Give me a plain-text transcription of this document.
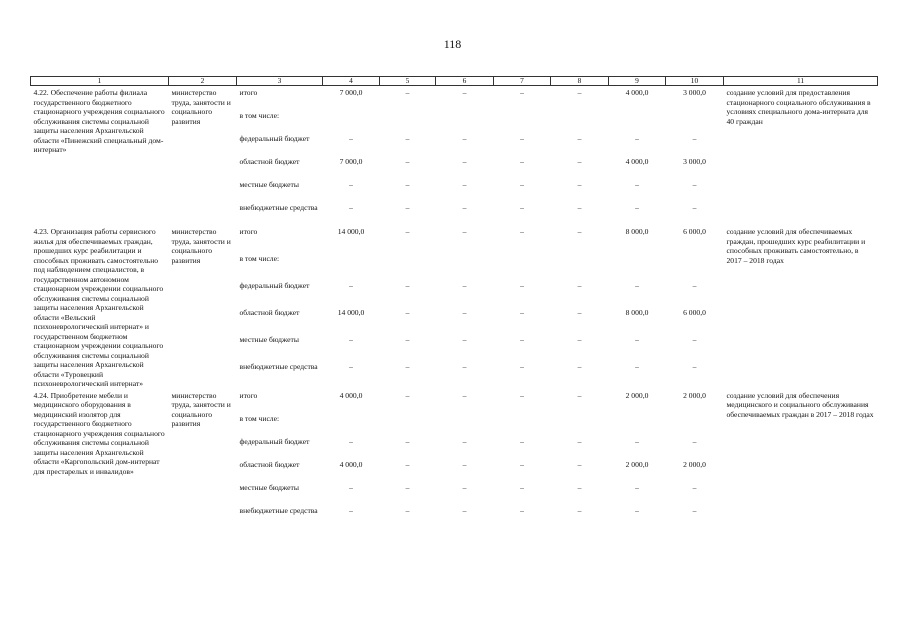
118
1	2	3	4	5	6	7	8	9	10	11
4.22. Обеспечение работы филиала государственного бюджетного стационарного учреждения социального обслуживания системы социальной защиты населения Архангельской области «Пинежский специальный дом-интернат»	министерство труда, занятости и социального развития	итого	7 000,0	–	–	–	–	4 000,0	3 000,0	создание условий для предоставления стационарного социального обслуживания в условиях специального дома-интерната для 40 граждан
		в том числе:								
		федеральный бюджет	–	–	–	–	–	–	–	
		областной бюджет	7 000,0	–	–	–	–	4 000,0	3 000,0	
		местные бюджеты	–	–	–	–	–	–	–	
		внебюджетные средства	–	–	–	–	–	–	–	
4.23. Организация работы сервисного жилья для обеспечиваемых граждан, прошедших курс реабилитации и способных проживать самостоятельно под наблюдением специалистов, в государственном автономном стационарном учреждении социального обслуживания системы социальной защиты населения Архангельской области «Вельский психоневрологический интернат» и государственном бюджетном стационарном учреждении социального обслуживания системы социальной защиты населения Архангельской области «Туровецкий психоневрологический интернат»	министерство труда, занятости и социального развития	итого	14 000,0	–	–	–	–	8 000,0	6 000,0	создание условий для обеспечиваемых граждан, прошедших курс реабилитации и способных проживать самостоятельно, в 2017 – 2018 годах
		в том числе:								
		федеральный бюджет	–	–	–	–	–	–	–	
		областной бюджет	14 000,0	–	–	–	–	8 000,0	6 000,0	
		местные бюджеты	–	–	–	–	–	–	–	
		внебюджетные средства	–	–	–	–	–	–	–	
4.24. Приобретение мебели и медицинского оборудования в медицинский изолятор для государственного бюджетного стационарного учреждения социального обслуживания системы социальной защиты населения Архангельской области «Каргопольский дом-интернат для престарелых и инвалидов»	министерство труда, занятости и социального развития	итого	4 000,0	–	–	–	–	2 000,0	2 000,0	создание условий для обеспечения медицинского и социального обслуживания обеспечиваемых граждан в 2017 – 2018 годах
		в том числе:								
		федеральный бюджет	–	–	–	–	–	–	–	
		областной бюджет	4 000,0	–	–	–	–	2 000,0	2 000,0	
		местные бюджеты	–	–	–	–	–	–	–	
		внебюджетные средства	–	–	–	–	–	–	–	
